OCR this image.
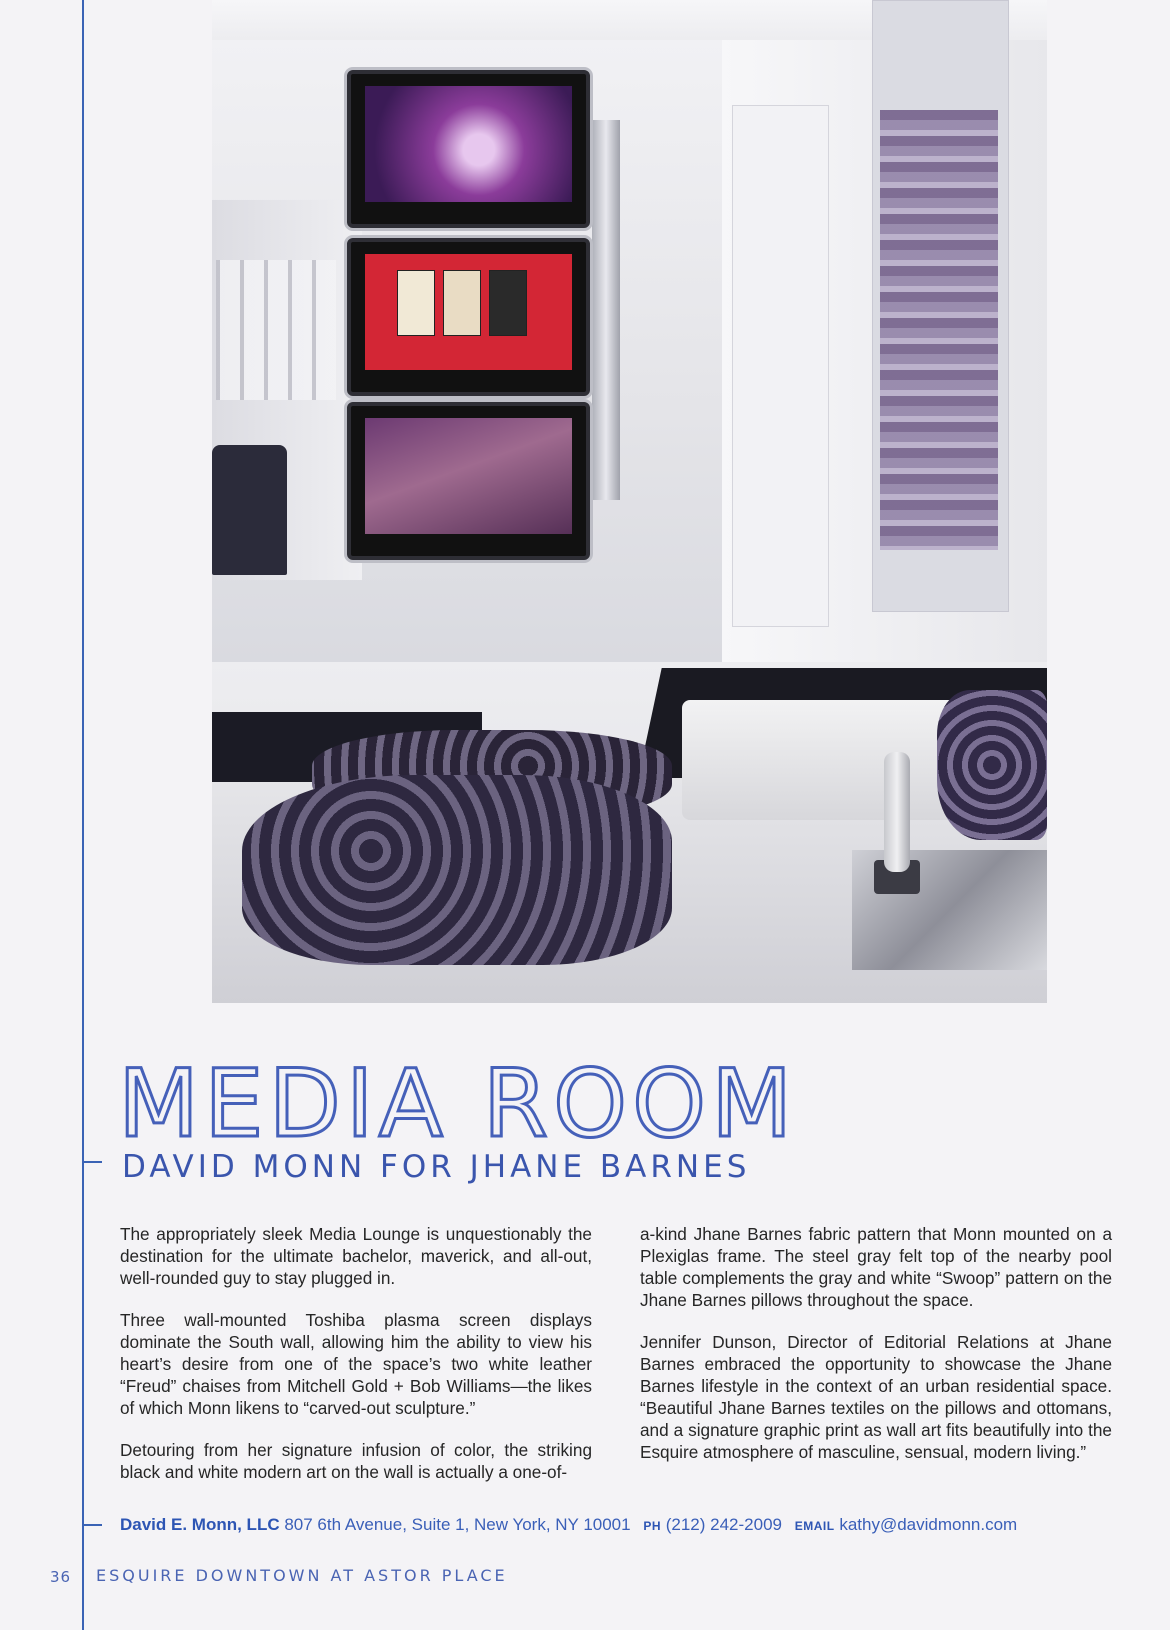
MEDIA ROOM
DAVID MONN FOR JHANE BARNES

The appropriately sleek Media Lounge is unquestionably the destination for the ultimate bachelor, maverick, and all-out, well-rounded guy to stay plugged in.

Three wall-mounted Toshiba plasma screen displays dominate the South wall, allowing him the ability to view his heart’s desire from one of the space’s two white leather “Freud” chaises from Mitchell Gold + Bob Williams—the likes of which Monn likens to “carved-out sculpture.”

Detouring from her signature infusion of color, the striking black and white modern art on the wall is actually a one-of-

a-kind Jhane Barnes fabric pattern that Monn mounted on a Plexiglas frame. The steel gray felt top of the nearby pool table complements the gray and white “Swoop” pattern on the Jhane Barnes pillows throughout the space.

Jennifer Dunson, Director of Editorial Relations at Jhane Barnes embraced the opportunity to showcase the Jhane Barnes lifestyle in the context of an urban residential space. “Beautiful Jhane Barnes textiles on the pillows and ottomans, and a signature graphic print as wall art fits beautifully into the Esquire atmosphere of masculine, sensual, modern living.”

David E. Monn, LLC 807 6th Avenue, Suite 1, New York, NY 10001 PH (212) 242-2009 EMAIL kathy@davidmonn.com
36 ESQUIRE DOWNTOWN AT ASTOR PLACE
